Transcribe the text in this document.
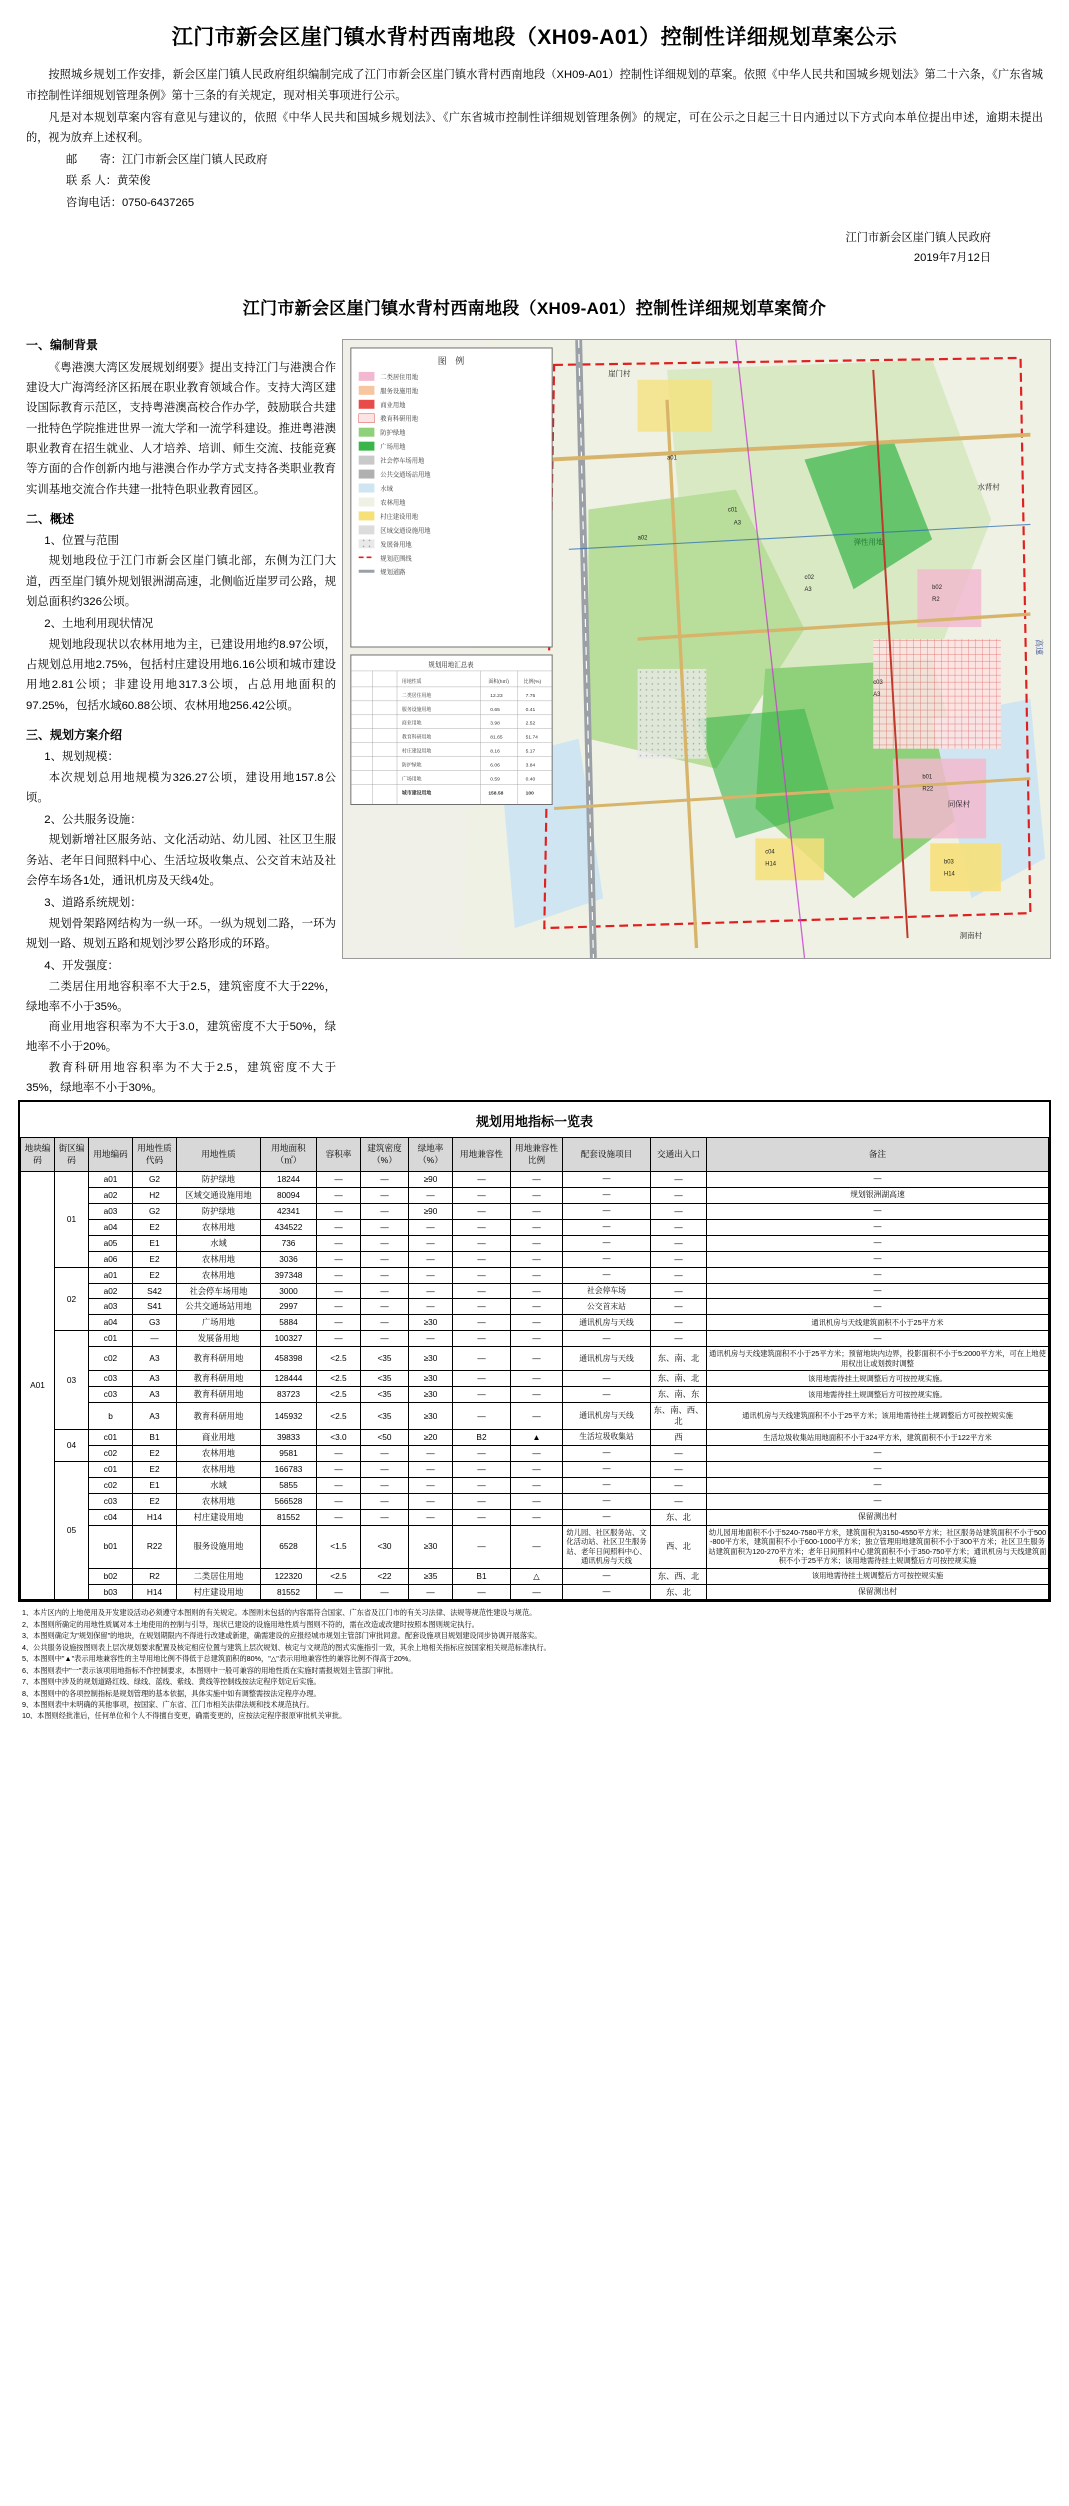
江门市新会区崖门镇水背村西南地段（XH09-A01）控制性详细规划草案公示

按照城乡规划工作安排，新会区崖门镇人民政府组织编制完成了江门市新会区崖门镇水背村西南地段（XH09-A01）控制性详细规划的草案。依照《中华人民共和国城乡规划法》第二十六条，《广东省城市控制性详细规划管理条例》第十三条的有关规定，现对相关事项进行公示。

凡是对本规划草案内容有意见与建议的，依照《中华人民共和国城乡规划法》、《广东省城市控制性详细规划管理条例》的规定，可在公示之日起三十日内通过以下方式向本单位提出申述，逾期未提出的，视为放弃上述权利。

邮　　寄：江门市新会区崖门镇人民政府
联 系 人：黄荣俊
咨询电话：0750-6437265
江门市新会区崖门镇人民政府
2019年7月12日
江门市新会区崖门镇水背村西南地段（XH09-A01）控制性详细规划草案简介
一、编制背景

《粤港澳大湾区发展规划纲要》提出支持江门与港澳合作建设大广海湾经济区拓展在职业教育领域合作。支持大湾区建设国际教育示范区，支持粤港澳高校合作办学，鼓励联合共建一批特色学院推进世界一流大学和一流学科建设。推进粤港澳职业教育在招生就业、人才培养、培训、师生交流、技能竞赛等方面的合作创新内地与港澳合作办学方式支持各类职业教育实训基地交流合作共建一批特色职业教育园区。

二、概述
1、位置与范围

规划地段位于江门市新会区崖门镇北部，东侧为江门大道，西至崖门镇外规划银洲湖高速，北侧临近崖罗司公路，规划总面积约326公顷。

2、土地利用现状情况

规划地段现状以农林用地为主，已建设用地约8.97公顷，占规划总用地2.75%，包括村庄建设用地6.16公顷和城市建设用地2.81公顷；非建设用地317.3公顷，占总用地面积的97.25%，包括水域60.88公顷、农林用地256.42公顷。

三、规划方案介绍
1、规划规模：

本次规划总用地规模为326.27公顷，建设用地157.8公顷。

2、公共服务设施：

规划新增社区服务站、文化活动站、幼儿园、社区卫生服务站、老年日间照料中心、生活垃圾收集点、公交首末站及社会停车场各1处，通讯机房及天线4处。

3、道路系统规划：

规划骨架路网结构为一纵一环。一纵为规划二路，一环为规划一路、规划五路和规划沙罗公路形成的环路。

4、开发强度：

二类居住用地容积率不大于2.5，建筑密度不大于22%，绿地率不小于35%。

商业用地容积率为不大于3.0，建筑密度不大于50%，绿地率不小于20%。

教育科研用地容积率为不大于2.5，建筑密度不大于35%，绿地率不小于30%。

图　例
二类居住用地
服务设施用地
商业用地
教育科研用地
防护绿地
广场用地
社会停车场用地
公共交通场站用地
水域
农林用地
村庄建设用地
区域交通设施用地
发展备用地
规划范围线
规划道路
规划用地汇总表
用地性质	面积(h㎡)	比例(%)
二类居住用地	12.23	7.75
服务设施用地	0.65	0.41
商业用地	3.98	2.52
教育科研用地	81.65	51.74
村庄建设用地	8.16	5.17
防护绿地	6.06	3.84
广场用地	0.59	0.40
城市建设用地	158.58	100
a01
a02
c01
A3
c02
A3	b02
R2
b01
R22
c04
H14	b03
H14
c03
A3
水背村
洞南村
同保村
崖门村
弹性用地
高速
规划用地指标一览表
地块编码	街区编码	用地编码	用地性质代码	用地性质	用地面积（㎡）	容积率	建筑密度（%）	绿地率（%）	用地兼容性	用地兼容性比例	配套设施项目	交通出入口	备注
A01	01	a01	G2	防护绿地	18244	—	—	≥90	—	—	—	—	—
		a02	H2	区域交通设施用地	80094	—	—	—	—	—	—	—	规划银洲湖高速
		a03	G2	防护绿地	42341	—	—	≥90	—	—	—	—	—
		a04	E2	农林用地	434522	—	—	—	—	—	—	—	—
		a05	E1	水域	736	—	—	—	—	—	—	—	—
		a06	E2	农林用地	3036	—	—	—	—	—	—	—	—
	02	a01	E2	农林用地	397348	—	—	—	—	—	—	—	—
		a02	S42	社会停车场用地	3000	—	—	—	—	—	社会停车场	—	—
		a03	S41	公共交通场站用地	2997	—	—	—	—	—	公交首末站	—	—
		a04	G3	广场用地	5884	—	—	≥30	—	—	通讯机房与天线	—	通讯机房与天线建筑面积不小于25平方米
	03	c01	—	发展备用地	100327	—	—	—	—	—	—	—	—
		c02	A3	教育科研用地	458398	<2.5	<35	≥30	—	—	通讯机房与天线	东、南、北	通讯机房与天线建筑面积不小于25平方米；预留地块内边界，投影面积不小于5:2000平方米，可在上地使用权出让或划拨时调整
		c03	A3	教育科研用地	128444	<2.5	<35	≥30	—	—	—	东、南、北	该用地需待挂土规调整后方可按控规实施。
		c03	A3	教育科研用地	83723	<2.5	<35	≥30	—	—	—	东、南、东	该用地需待挂土规调整后方可按控规实施。
		b	A3	教育科研用地	145932	<2.5	<35	≥30	—	—	通讯机房与天线	东、南、西、北	通讯机房与天线建筑面积不小于25平方米；该用地需待挂土规调整后方可按控规实施
	04	c01	B1	商业用地	39833	<3.0	<50	≥20	B2	▲	生活垃圾收集站	西	生活垃圾收集站用地面积不小于324平方米，建筑面积不小于122平方米
		c02	E2	农林用地	9581	—	—	—	—	—	—	—	—
	05	c01	E2	农林用地	166783	—	—	—	—	—	—	—	—
		c02	E1	水域	5855	—	—	—	—	—	—	—	—
		c03	E2	农林用地	566528	—	—	—	—	—	—	—	—
		c04	H14	村庄建设用地	81552	—	—	—	—	—	—	东、北	保留测出村
		b01	R22	服务设施用地	6528	<1.5	<30	≥30	—	—	幼儿园、社区服务站、文化活动站、社区卫生服务站、老年日间照料中心、通讯机房与天线	西、北	幼儿园用地面积不小于5240-7580平方米，建筑面积为3150-4550平方米；社区服务站建筑面积不小于500-800平方米，建筑面积不小于600-1000平方米；独立管理用地建筑面积不小于300平方米；社区卫生服务站建筑面积为120-270平方米；老年日间照料中心建筑面积不小于350-750平方米；通讯机房与天线建筑面积不小于25平方米；该用地需待挂土规调整后方可按控规实施
		b02	R2	二类居住用地	122320	<2.5	<22	≥35	B1	△	—	东、西、北	该用地需待挂土规调整后方可按控规实施
		b03	H14	村庄建设用地	81552	—	—	—	—	—	—	东、北	保留测出村

1、本片区内的上地使用及开发建设活动必须遵守本图则的有关规定。本图则未包括的内容需符合国家、广东省及江门市的有关习法律、法规等规范性建设与规范。

2、本图则所确定的用地性质属对本土地使用的控制与引导，现状已建设的设施用地性质与图则不符的，需在改造或改建时按照本图则规定执行。

3、本图则确定为"规划保留"的地块，在规划期限内不得进行改建或新建，确需建设的应报经城市规划主管部门审批同意。配套设施项目规划建设同步协调开展落实。

4、公共服务设施按图则表上层次规划要求配置及核定相应位置与建筑上层次规划、核定与文规范的图式实施指引一致，其余上地相关指标应按国家相关规范标准执行。

5、本图则中"▲"表示用地兼容性的主导用地比例不得低于总建筑面积的80%，"△"表示用地兼容性的兼容比例不得高于20%。

6、本图则表中"一"表示该项用地指标不作控制要求，本图则中一般可兼容的用地性质在实施时需报规划主管部门审批。

7、本图则中涉及的规划道路红线、绿线、蓝线、紫线、黄线等控制线按法定程序划定后实施。

8、本图则中的各项控制指标是规划管理的基本依据，具体实施中如有调整需按法定程序办理。

9、本图则表中未明确的其他事项，按国家、广东省、江门市相关法律法规和技术规范执行。

10、本图则经批准后，任何单位和个人不得擅自变更，确需变更的，应按法定程序报原审批机关审批。
